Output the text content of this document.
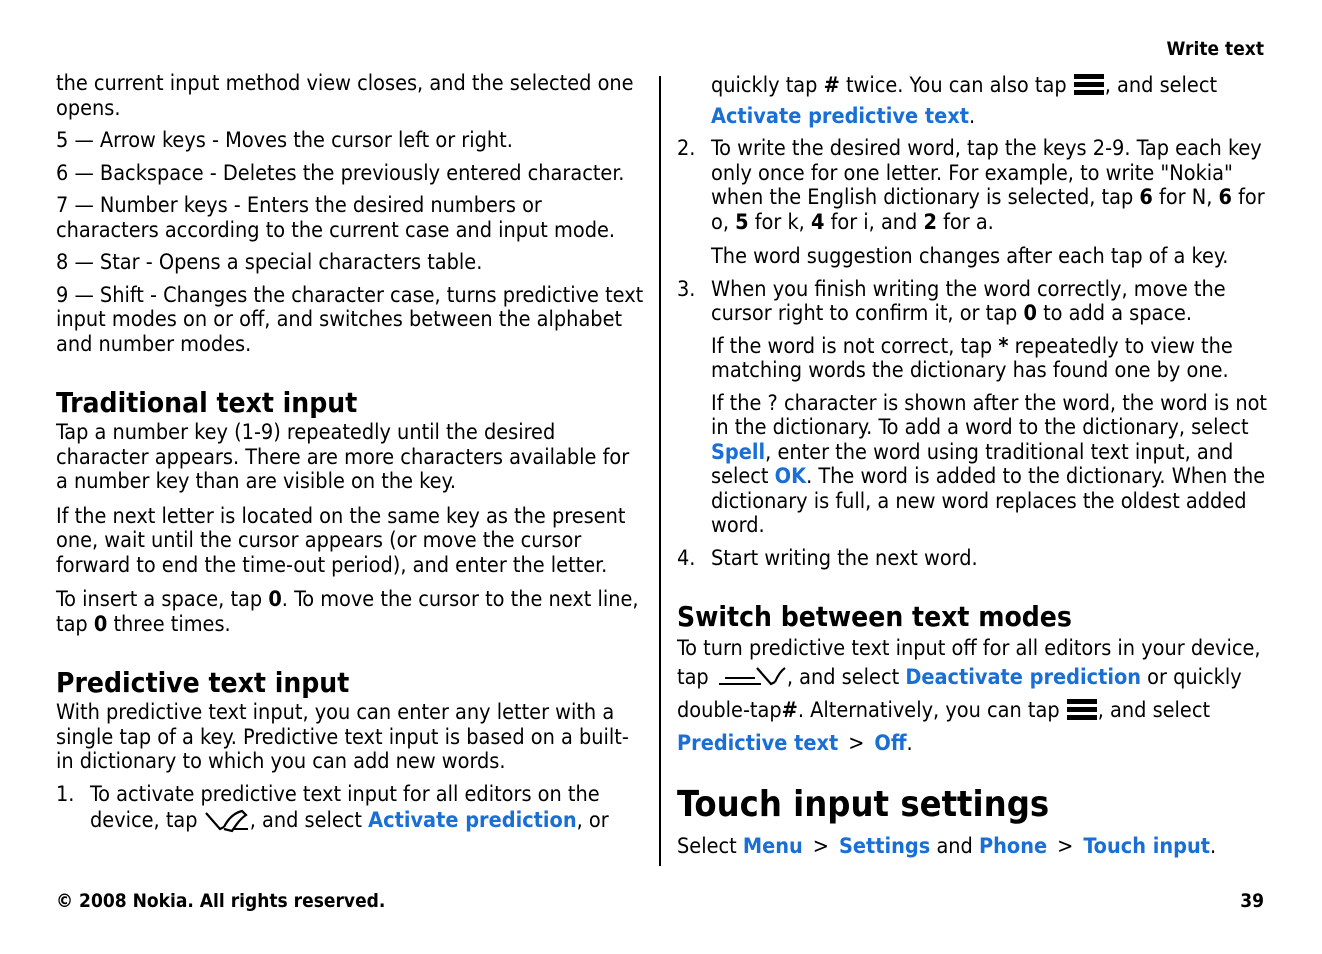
Write text

the current input method view closes, and the selected one opens.

5 — Arrow keys - Moves the cursor left or right.

6 — Backspace - Deletes the previously entered character.

7 — Number keys - Enters the desired numbers or characters according to the current case and input mode.

8 — Star - Opens a special characters table.

9 — Shift - Changes the character case, turns predictive text input modes on or off, and switches between the alphabet and number modes.

Traditional text input

Tap a number key (1-9) repeatedly until the desired character appears. There are more characters available for a number key than are visible on the key.

If the next letter is located on the same key as the present one, wait until the cursor appears (or move the cursor forward to end the time-out period), and enter the letter.

To insert a space, tap 0. To move the cursor to the next line, tap 0 three times.

Predictive text input

With predictive text input, you can enter any letter with a single tap of a key. Predictive text input is based on a built-in dictionary to which you can add new words.

1. To activate predictive text input for all editors on the device, tap , and select Activate prediction, or
quickly tap # twice. You can also tap , and select
Activate predictive text.
2. To write the desired word, tap the keys 2-9. Tap each key only once for one letter. For example, to write "Nokia" when the English dictionary is selected, tap 6 for N, 6 for o, 5 for k, 4 for i, and 2 for a.

The word suggestion changes after each tap of a key.

3. When you finish writing the word correctly, move the cursor right to confirm it, or tap 0 to add a space.

If the word is not correct, tap * repeatedly to view the matching words the dictionary has found one by one.

If the ? character is shown after the word, the word is not in the dictionary. To add a word to the dictionary, select Spell, enter the word using traditional text input, and select OK. The word is added to the dictionary. When the dictionary is full, a new word replaces the oldest added word.

4. Start writing the next word.
Switch between text modes

To turn predictive text input off for all editors in your device, tap	, and select Deactivate prediction or quickly double-tap#. Alternatively, you can tap , and select
Predictive text > Off.

Touch input settings

Select Menu > Settings and Phone > Touch input.

© 2008 Nokia. All rights reserved.	39
